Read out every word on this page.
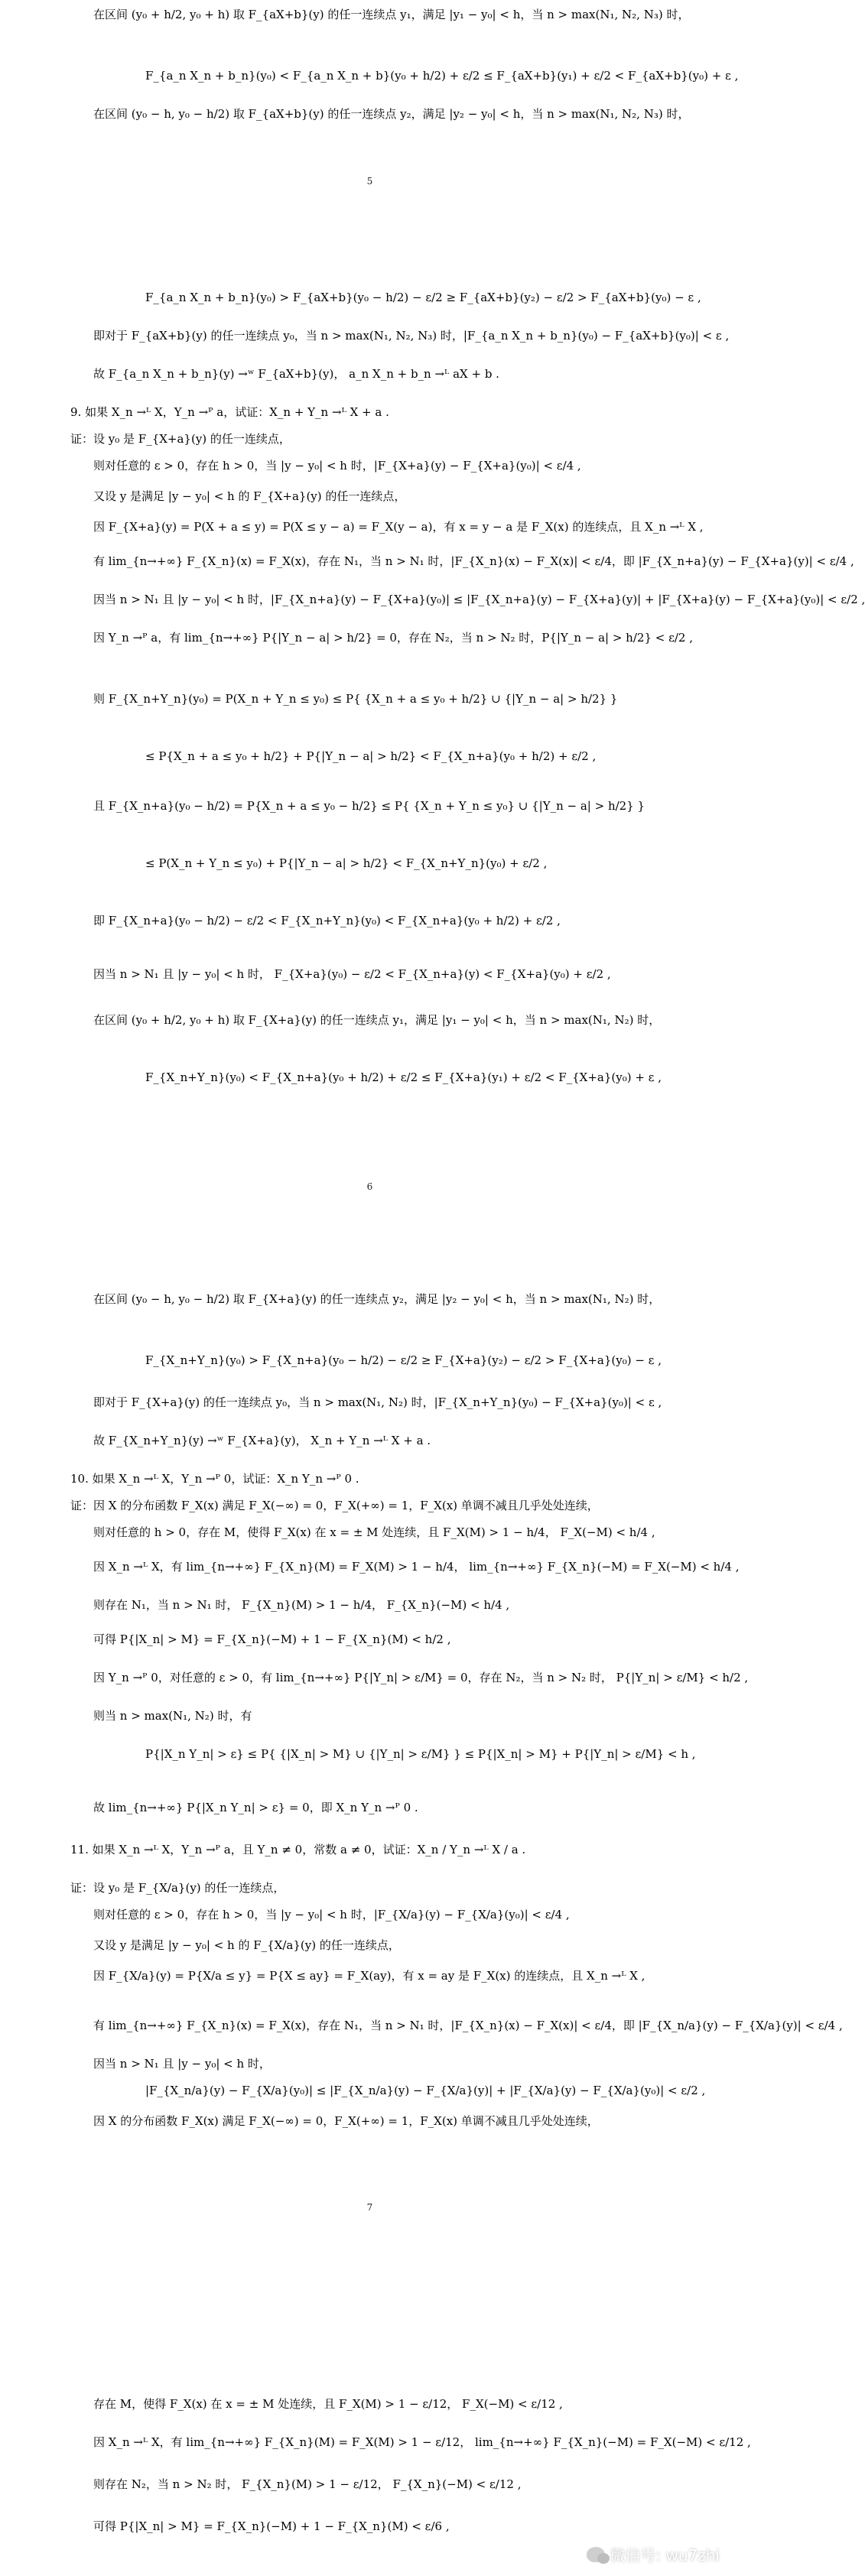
在区间 (y₀ + h/2, y₀ + h) 取 F_{aX+b}(y) 的任一连续点 y₁，满足 |y₁ − y₀| < h，当 n > max(N₁, N₂, N₃) 时，
F_{a_n X_n + b_n}(y₀) < F_{a_n X_n + b}(y₀ + h/2) + ε/2 ≤ F_{aX+b}(y₁) + ε/2 < F_{aX+b}(y₀) + ε ,
在区间 (y₀ − h, y₀ − h/2) 取 F_{aX+b}(y) 的任一连续点 y₂，满足 |y₂ − y₀| < h，当 n > max(N₁, N₂, N₃) 时，
F_{a_n X_n + b_n}(y₀) > F_{aX+b}(y₀ − h/2) − ε/2 ≥ F_{aX+b}(y₂) − ε/2 > F_{aX+b}(y₀) − ε ,
即对于 F_{aX+b}(y) 的任一连续点 y₀，当 n > max(N₁, N₂, N₃) 时，|F_{a_n X_n + b_n}(y₀) − F_{aX+b}(y₀)| < ε ,
故 F_{a_n X_n + b_n}(y) →ʷ F_{aX+b}(y)， a_n X_n + b_n →ᴸ aX + b .
9. 如果 X_n →ᴸ X，Y_n →ᴾ a，试证：X_n + Y_n →ᴸ X + a .
证：设 y₀ 是 F_{X+a}(y) 的任一连续点，
则对任意的 ε > 0，存在 h > 0，当 |y − y₀| < h 时，|F_{X+a}(y) − F_{X+a}(y₀)| < ε/4 ,
又设 y 是满足 |y − y₀| < h 的 F_{X+a}(y) 的任一连续点，
因 F_{X+a}(y) = P(X + a ≤ y) = P(X ≤ y − a) = F_X(y − a)，有 x = y − a 是 F_X(x) 的连续点，且 X_n →ᴸ X ,
有 lim_{n→+∞} F_{X_n}(x) = F_X(x)，存在 N₁，当 n > N₁ 时，|F_{X_n}(x) − F_X(x)| < ε/4，即 |F_{X_n+a}(y) − F_{X+a}(y)| < ε/4 ,
因当 n > N₁ 且 |y − y₀| < h 时，|F_{X_n+a}(y) − F_{X+a}(y₀)| ≤ |F_{X_n+a}(y) − F_{X+a}(y)| + |F_{X+a}(y) − F_{X+a}(y₀)| < ε/2 ,
因 Y_n →ᴾ a，有 lim_{n→+∞} P{|Y_n − a| > h/2} = 0，存在 N₂，当 n > N₂ 时，P{|Y_n − a| > h/2} < ε/2 ,
则 F_{X_n+Y_n}(y₀) = P(X_n + Y_n ≤ y₀) ≤ P{ {X_n + a ≤ y₀ + h/2} ∪ {|Y_n − a| > h/2} }
≤ P{X_n + a ≤ y₀ + h/2} + P{|Y_n − a| > h/2} < F_{X_n+a}(y₀ + h/2) + ε/2 ,
且 F_{X_n+a}(y₀ − h/2) = P{X_n + a ≤ y₀ − h/2} ≤ P{ {X_n + Y_n ≤ y₀} ∪ {|Y_n − a| > h/2} }
≤ P(X_n + Y_n ≤ y₀) + P{|Y_n − a| > h/2} < F_{X_n+Y_n}(y₀) + ε/2 ,
即 F_{X_n+a}(y₀ − h/2) − ε/2 < F_{X_n+Y_n}(y₀) < F_{X_n+a}(y₀ + h/2) + ε/2 ,
因当 n > N₁ 且 |y − y₀| < h 时， F_{X+a}(y₀) − ε/2 < F_{X_n+a}(y) < F_{X+a}(y₀) + ε/2 ,
在区间 (y₀ + h/2, y₀ + h) 取 F_{X+a}(y) 的任一连续点 y₁，满足 |y₁ − y₀| < h，当 n > max(N₁, N₂) 时，
F_{X_n+Y_n}(y₀) < F_{X_n+a}(y₀ + h/2) + ε/2 ≤ F_{X+a}(y₁) + ε/2 < F_{X+a}(y₀) + ε ,
在区间 (y₀ − h, y₀ − h/2) 取 F_{X+a}(y) 的任一连续点 y₂，满足 |y₂ − y₀| < h，当 n > max(N₁, N₂) 时，
F_{X_n+Y_n}(y₀) > F_{X_n+a}(y₀ − h/2) − ε/2 ≥ F_{X+a}(y₂) − ε/2 > F_{X+a}(y₀) − ε ,
即对于 F_{X+a}(y) 的任一连续点 y₀，当 n > max(N₁, N₂) 时，|F_{X_n+Y_n}(y₀) − F_{X+a}(y₀)| < ε ,
故 F_{X_n+Y_n}(y) →ʷ F_{X+a}(y)， X_n + Y_n →ᴸ X + a .
10. 如果 X_n →ᴸ X，Y_n →ᴾ 0，试证：X_n Y_n →ᴾ 0 .
证：因 X 的分布函数 F_X(x) 满足 F_X(−∞) = 0，F_X(+∞) = 1，F_X(x) 单调不减且几乎处处连续，
则对任意的 h > 0，存在 M，使得 F_X(x) 在 x = ± M 处连续，且 F_X(M) > 1 − h/4， F_X(−M) < h/4 ,
因 X_n →ᴸ X，有 lim_{n→+∞} F_{X_n}(M) = F_X(M) > 1 − h/4， lim_{n→+∞} F_{X_n}(−M) = F_X(−M) < h/4 ,
则存在 N₁，当 n > N₁ 时， F_{X_n}(M) > 1 − h/4， F_{X_n}(−M) < h/4 ,
可得 P{|X_n| > M} = F_{X_n}(−M) + 1 − F_{X_n}(M) < h/2 ,
因 Y_n →ᴾ 0，对任意的 ε > 0，有 lim_{n→+∞} P{|Y_n| > ε/M} = 0，存在 N₂，当 n > N₂ 时， P{|Y_n| > ε/M} < h/2 ,
则当 n > max(N₁, N₂) 时，有
P{|X_n Y_n| > ε} ≤ P{ {|X_n| > M} ∪ {|Y_n| > ε/M} } ≤ P{|X_n| > M} + P{|Y_n| > ε/M} < h ,
故 lim_{n→+∞} P{|X_n Y_n| > ε} = 0，即 X_n Y_n →ᴾ 0 .
11. 如果 X_n →ᴸ X，Y_n →ᴾ a，且 Y_n ≠ 0，常数 a ≠ 0，试证：X_n / Y_n →ᴸ X / a .
证：设 y₀ 是 F_{X/a}(y) 的任一连续点，
则对任意的 ε > 0，存在 h > 0，当 |y − y₀| < h 时，|F_{X/a}(y) − F_{X/a}(y₀)| < ε/4 ,
又设 y 是满足 |y − y₀| < h 的 F_{X/a}(y) 的任一连续点，
因 F_{X/a}(y) = P{X/a ≤ y} = P{X ≤ ay} = F_X(ay)，有 x = ay 是 F_X(x) 的连续点，且 X_n →ᴸ X ,
有 lim_{n→+∞} F_{X_n}(x) = F_X(x)，存在 N₁，当 n > N₁ 时，|F_{X_n}(x) − F_X(x)| < ε/4，即 |F_{X_n/a}(y) − F_{X/a}(y)| < ε/4 ,
因当 n > N₁ 且 |y − y₀| < h 时，
|F_{X_n/a}(y) − F_{X/a}(y₀)| ≤ |F_{X_n/a}(y) − F_{X/a}(y)| + |F_{X/a}(y) − F_{X/a}(y₀)| < ε/2 ,
因 X 的分布函数 F_X(x) 满足 F_X(−∞) = 0，F_X(+∞) = 1，F_X(x) 单调不减且几乎处处连续，
存在 M，使得 F_X(x) 在 x = ± M 处连续，且 F_X(M) > 1 − ε/12， F_X(−M) < ε/12 ,
因 X_n →ᴸ X，有 lim_{n→+∞} F_{X_n}(M) = F_X(M) > 1 − ε/12， lim_{n→+∞} F_{X_n}(−M) = F_X(−M) < ε/12 ,
则存在 N₂，当 n > N₂ 时， F_{X_n}(M) > 1 − ε/12， F_{X_n}(−M) < ε/12 ,
可得 P{|X_n| > M} = F_{X_n}(−M) + 1 − F_{X_n}(M) < ε/6 ,
5
6
7
微信号: wu7zhi
